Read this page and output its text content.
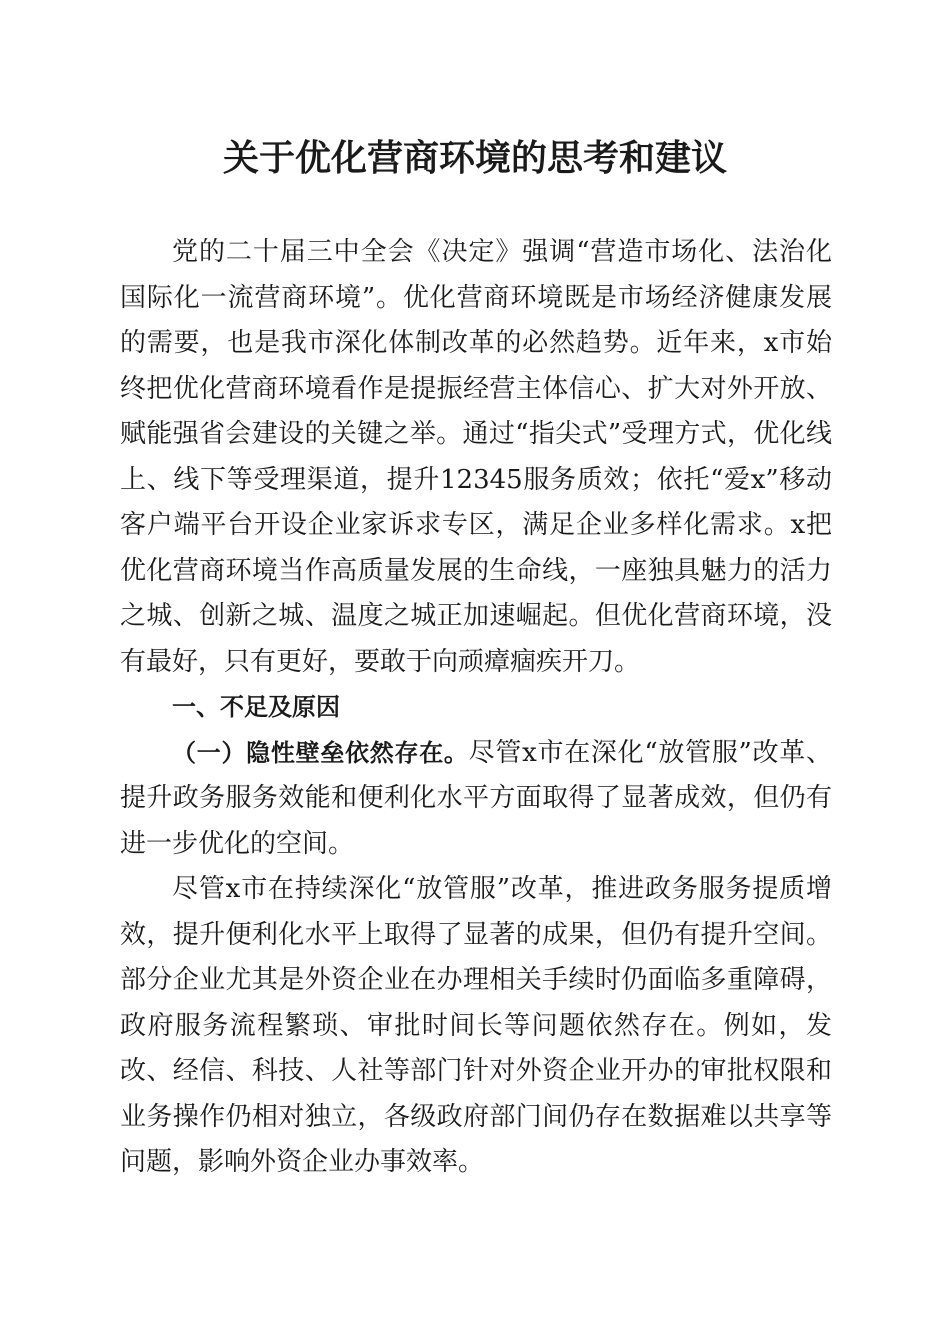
关于优化营商环境的思考和建议

党的二十届三中全会《决定》强调“营造市场化、法治化国际化一流营商环境”。优化营商环境既是市场经济健康发展的需要，也是我市深化体制改革的必然趋势。近年来，x市始终把优化营商环境看作是提振经营主体信心、扩大对外开放、赋能强省会建设的关键之举。通过“指尖式”受理方式，优化线上、线下等受理渠道，提升12345服务质效；依托“爱x”移动客户端平台开设企业家诉求专区，满足企业多样化需求。x把优化营商环境当作高质量发展的生命线，一座独具魅力的活力之城、创新之城、温度之城正加速崛起。但优化营商环境，没有最好，只有更好，要敢于向顽瘴痼疾开刀。

一、不足及原因

（一）隐性壁垒依然存在。尽管x市在深化“放管服”改革、提升政务服务效能和便利化水平方面取得了显著成效，但仍有进一步优化的空间。

尽管x市在持续深化“放管服”改革，推进政务服务提质增效，提升便利化水平上取得了显著的成果，但仍有提升空间。部分企业尤其是外资企业在办理相关手续时仍面临多重障碍，政府服务流程繁琐、审批时间长等问题依然存在。例如，发改、经信、科技、人社等部门针对外资企业开办的审批权限和业务操作仍相对独立，各级政府部门间仍存在数据难以共享等问题，影响外资企业办事效率。
